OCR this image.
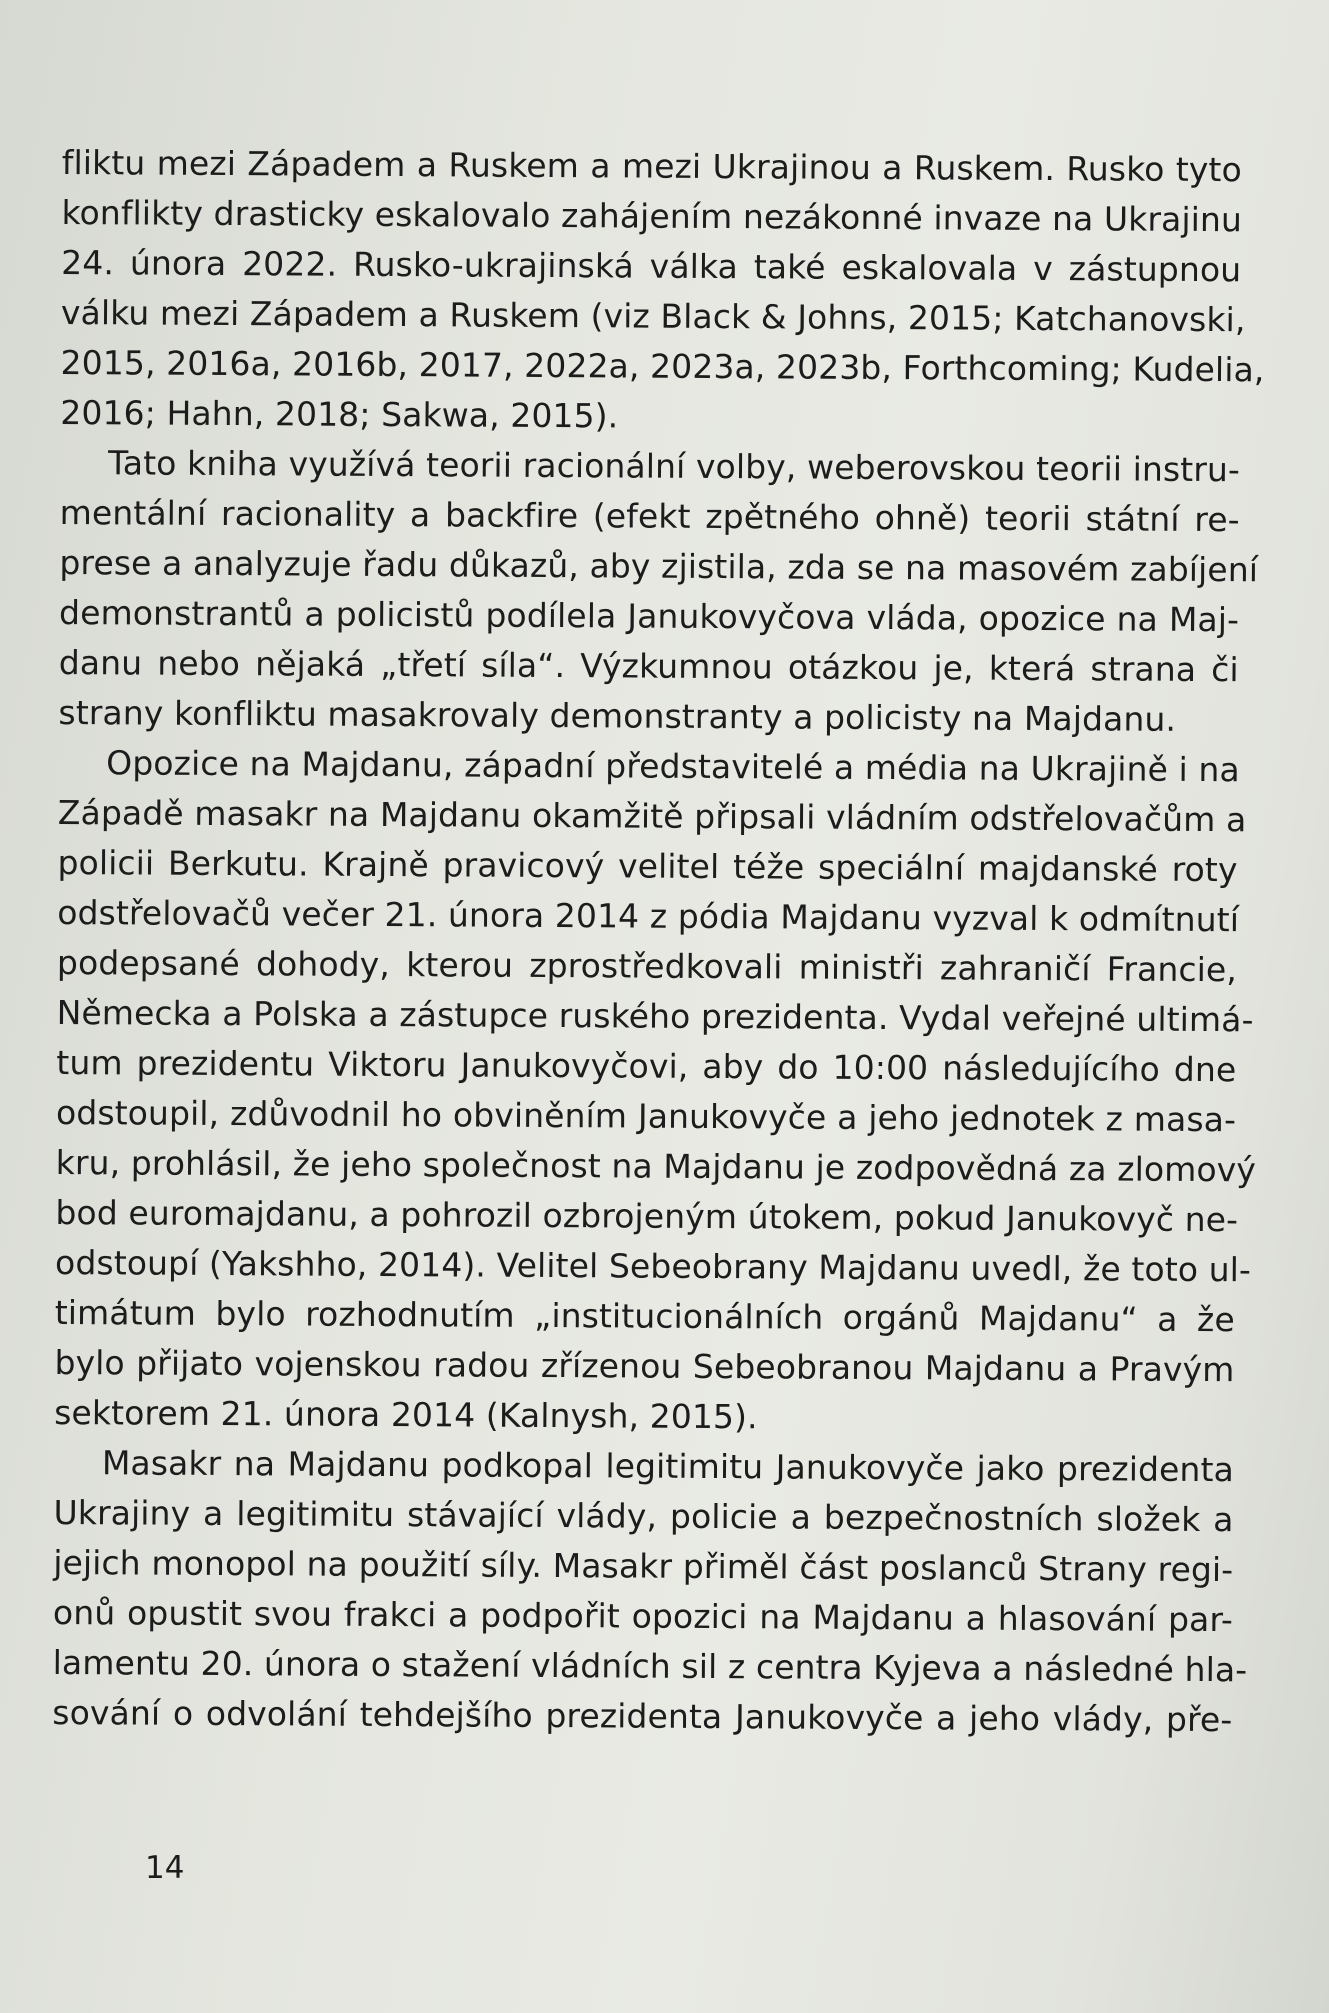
fliktu mezi Západem a Ruskem a mezi Ukrajinou a Ruskem. Rusko tyto
konflikty drasticky eskalovalo zahájením nezákonné invaze na Ukrajinu
24. února 2022. Rusko-ukrajinská válka také eskalovala v zástupnou
válku mezi Západem a Ruskem (viz Black & Johns, 2015; Katchanovski,
2015, 2016a, 2016b, 2017, 2022a, 2023a, 2023b, Forthcoming; Kudelia,
2016; Hahn, 2018; Sakwa, 2015).
Tato kniha využívá teorii racionální volby, weberovskou teorii instru-
mentální racionality a backfire (efekt zpětného ohně) teorii státní re-
prese a analyzuje řadu důkazů, aby zjistila, zda se na masovém zabíjení
demonstrantů a policistů podílela Janukovyčova vláda, opozice na Maj-
danu nebo nějaká „třetí síla“. Výzkumnou otázkou je, která strana či
strany konfliktu masakrovaly demonstranty a policisty na Majdanu.
Opozice na Majdanu, západní představitelé a média na Ukrajině i na
Západě masakr na Majdanu okamžitě připsali vládním odstřelovačům a
policii Berkutu. Krajně pravicový velitel téže speciální majdanské roty
odstřelovačů večer 21. února 2014 z pódia Majdanu vyzval k odmítnutí
podepsané dohody, kterou zprostředkovali ministři zahraničí Francie,
Německa a Polska a zástupce ruského prezidenta. Vydal veřejné ultimá-
tum prezidentu Viktoru Janukovyčovi, aby do 10:00 následujícího dne
odstoupil, zdůvodnil ho obviněním Janukovyče a jeho jednotek z masa-
kru, prohlásil, že jeho společnost na Majdanu je zodpovědná za zlomový
bod euromajdanu, a pohrozil ozbrojeným útokem, pokud Janukovyč ne-
odstoupí (Yakshho, 2014). Velitel Sebeobrany Majdanu uvedl, že toto ul-
timátum bylo rozhodnutím „institucionálních orgánů Majdanu“ a že
bylo přijato vojenskou radou zřízenou Sebeobranou Majdanu a Pravým
sektorem 21. února 2014 (Kalnysh, 2015).
Masakr na Majdanu podkopal legitimitu Janukovyče jako prezidenta
Ukrajiny a legitimitu stávající vlády, policie a bezpečnostních složek a
jejich monopol na použití síly. Masakr přiměl část poslanců Strany regi-
onů opustit svou frakci a podpořit opozici na Majdanu a hlasování par-
lamentu 20. února o stažení vládních sil z centra Kyjeva a následné hla-
sování o odvolání tehdejšího prezidenta Janukovyče a jeho vlády, pře-
14
